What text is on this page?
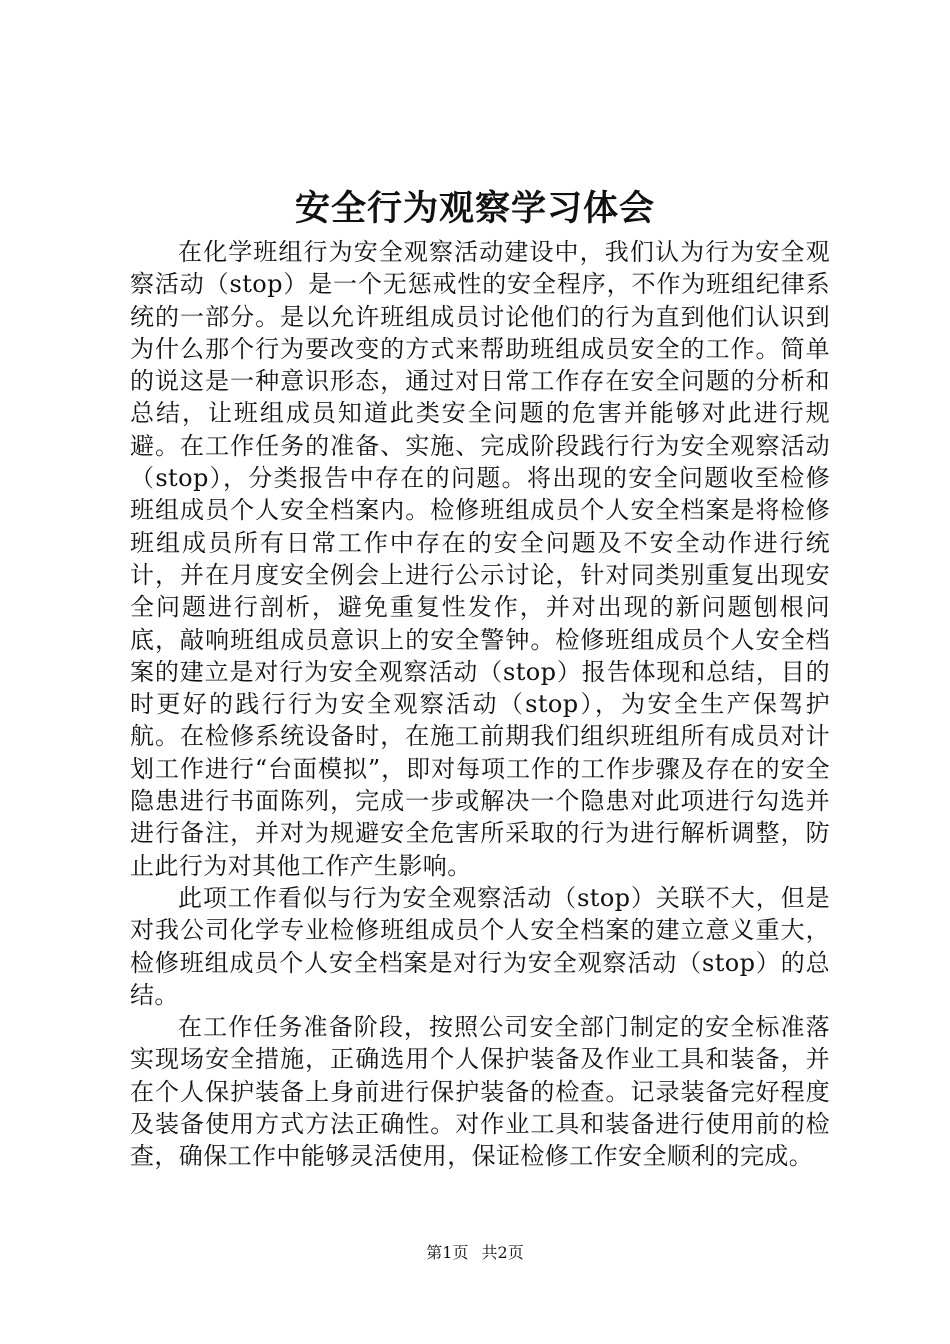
安全行为观察学习体会

在化学班组行为安全观察活动建设中，我们认为行为安全观察活动（stop）是一个无惩戒性的安全程序，不作为班组纪律系统的一部分。是以允许班组成员讨论他们的行为直到他们认识到为什么那个行为要改变的方式来帮助班组成员安全的工作。简单的说这是一种意识形态，通过对日常工作存在安全问题的分析和总结，让班组成员知道此类安全问题的危害并能够对此进行规避。在工作任务的准备、实施、完成阶段践行行为安全观察活动（stop），分类报告中存在的问题。将出现的安全问题收至检修班组成员个人安全档案内。检修班组成员个人安全档案是将检修班组成员所有日常工作中存在的安全问题及不安全动作进行统计，并在月度安全例会上进行公示讨论，针对同类别重复出现安全问题进行剖析，避免重复性发作，并对出现的新问题刨根问底，敲响班组成员意识上的安全警钟。检修班组成员个人安全档案的建立是对行为安全观察活动（stop）报告体现和总结，目的时更好的践行行为安全观察活动（stop），为安全生产保驾护航。在检修系统设备时，在施工前期我们组织班组所有成员对计划工作进行“台面模拟”，即对每项工作的工作步骤及存在的安全隐患进行书面陈列，完成一步或解决一个隐患对此项进行勾选并进行备注，并对为规避安全危害所采取的行为进行解析调整，防止此行为对其他工作产生影响。

此项工作看似与行为安全观察活动（stop）关联不大，但是对我公司化学专业检修班组成员个人安全档案的建立意义重大，检修班组成员个人安全档案是对行为安全观察活动（stop）的总结。

在工作任务准备阶段，按照公司安全部门制定的安全标准落实现场安全措施，正确选用个人保护装备及作业工具和装备，并在个人保护装备上身前进行保护装备的检查。记录装备完好程度及装备使用方式方法正确性。对作业工具和装备进行使用前的检查，确保工作中能够灵活使用，保证检修工作安全顺利的完成。

第1页 共2页
